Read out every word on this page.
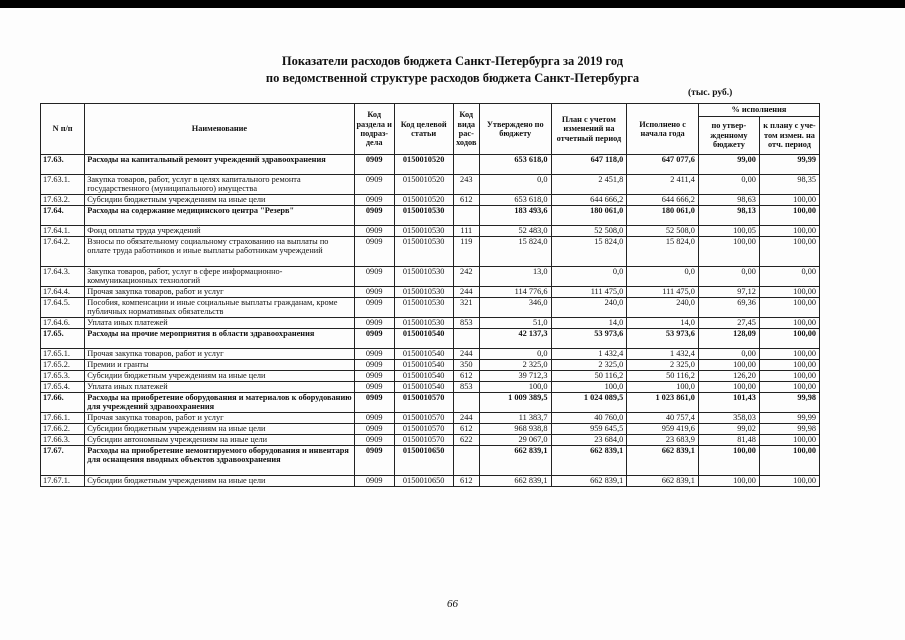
Показатели расходов бюджета Санкт-Петербурга за 2019 год
по ведомственной структуре расходов бюджета Санкт-Петербурга
(тыс. руб.)
N п/п	Наименование	Код раздела и подраз-дела	Код целевой статьи	Код вида рас-ходов	Утверждено по бюджету	План с учетом изменений на отчетный период	Исполнено с начала года	% исполнения	
								по утвер-жденному бюджету	к плану с уче-том измен. на отч. период
17.63.	Расходы на капитальный ремонт учреждений здравоохранения	0909	0150010520		653 618,0	647 118,0	647 077,6	99,00	99,99
17.63.1.	Закупка товаров, работ, услуг в целях капитального ремонта государственного (муниципального) имущества	0909	0150010520	243	0,0	2 451,8	2 411,4	0,00	98,35
17.63.2.	Субсидии бюджетным учреждениям на иные цели	0909	0150010520	612	653 618,0	644 666,2	644 666,2	98,63	100,00
17.64.	Расходы на содержание медицинского центра "Резерв"	0909	0150010530		183 493,6	180 061,0	180 061,0	98,13	100,00
17.64.1.	Фонд оплаты труда учреждений	0909	0150010530	111	52 483,0	52 508,0	52 508,0	100,05	100,00
17.64.2.	Взносы по обязательному социальному страхованию на выплаты по оплате труда работников и иные выплаты работникам учреждений	0909	0150010530	119	15 824,0	15 824,0	15 824,0	100,00	100,00
17.64.3.	Закупка товаров, работ, услуг в сфере информационно-коммуникационных технологий	0909	0150010530	242	13,0	0,0	0,0	0,00	0,00
17.64.4.	Прочая закупка товаров, работ и услуг	0909	0150010530	244	114 776,6	111 475,0	111 475,0	97,12	100,00
17.64.5.	Пособия, компенсации и иные социальные выплаты гражданам, кроме публичных нормативных обязательств	0909	0150010530	321	346,0	240,0	240,0	69,36	100,00
17.64.6.	Уплата иных платежей	0909	0150010530	853	51,0	14,0	14,0	27,45	100,00
17.65.	Расходы на прочие мероприятия в области здравоохранения	0909	0150010540		42 137,3	53 973,6	53 973,6	128,09	100,00
17.65.1.	Прочая закупка товаров, работ и услуг	0909	0150010540	244	0,0	1 432,4	1 432,4	0,00	100,00
17.65.2.	Премии и гранты	0909	0150010540	350	2 325,0	2 325,0	2 325,0	100,00	100,00
17.65.3.	Субсидии бюджетным учреждениям на иные цели	0909	0150010540	612	39 712,3	50 116,2	50 116,2	126,20	100,00
17.65.4.	Уплата иных платежей	0909	0150010540	853	100,0	100,0	100,0	100,00	100,00
17.66.	Расходы на приобретение оборудования и материалов к оборудованию для учреждений здравоохранения	0909	0150010570		1 009 389,5	1 024 089,5	1 023 861,0	101,43	99,98
17.66.1.	Прочая закупка товаров, работ и услуг	0909	0150010570	244	11 383,7	40 760,0	40 757,4	358,03	99,99
17.66.2.	Субсидии бюджетным учреждениям на иные цели	0909	0150010570	612	968 938,8	959 645,5	959 419,6	99,02	99,98
17.66.3.	Субсидии автономным учреждениям на иные цели	0909	0150010570	622	29 067,0	23 684,0	23 683,9	81,48	100,00
17.67.	Расходы на приобретение немонтируемого оборудования и инвентаря для оснащения вводных объектов здравоохранения	0909	0150010650		662 839,1	662 839,1	662 839,1	100,00	100,00
17.67.1.	Субсидии бюджетным учреждениям на иные цели	0909	0150010650	612	662 839,1	662 839,1	662 839,1	100,00	100,00
66
